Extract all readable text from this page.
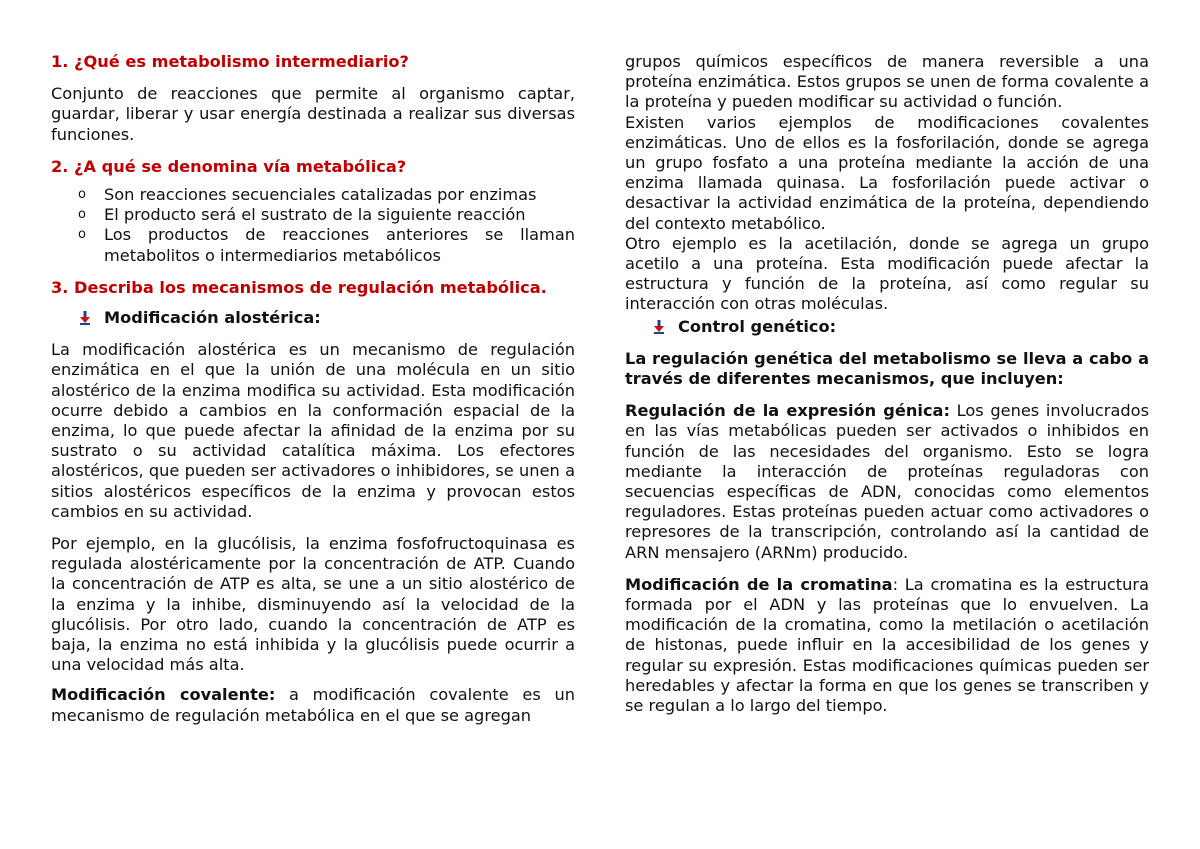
1. ¿Qué es metabolismo intermediario?

Conjunto de reacciones que permite al organismo captar, guardar, liberar y usar energía destinada a realizar sus diversas funciones.

2. ¿A qué se denomina vía metabólica?

o Son reacciones secuenciales catalizadas por enzimas
o El producto será el sustrato de la siguiente reacción
o Los productos de reacciones anteriores se llaman metabolitos o intermediarios metabólicos

3. Describa los mecanismos de regulación metabólica.

Modificación alostérica:

La modificación alostérica es un mecanismo de regulación enzimática en el que la unión de una molécula en un sitio alostérico de la enzima modifica su actividad. Esta modificación ocurre debido a cambios en la conformación espacial de la enzima, lo que puede afectar la afinidad de la enzima por su sustrato o su actividad catalítica máxima. Los efectores alostéricos, que pueden ser activadores o inhibidores, se unen a sitios alostéricos específicos de la enzima y provocan estos cambios en su actividad.

Por ejemplo, en la glucólisis, la enzima fosfofructoquinasa es regulada alostéricamente por la concentración de ATP. Cuando la concentración de ATP es alta, se une a un sitio alostérico de la enzima y la inhibe, disminuyendo así la velocidad de la glucólisis. Por otro lado, cuando la concentración de ATP es baja, la enzima no está inhibida y la glucólisis puede ocurrir a una velocidad más alta.

Modificación covalente: a modificación covalente es un mecanismo de regulación metabólica en el que se agregan

grupos químicos específicos de manera reversible a una proteína enzimática. Estos grupos se unen de forma covalente a la proteína y pueden modificar su actividad o función.

Existen varios ejemplos de modificaciones covalentes enzimáticas. Uno de ellos es la fosforilación, donde se agrega un grupo fosfato a una proteína mediante la acción de una enzima llamada quinasa. La fosforilación puede activar o desactivar la actividad enzimática de la proteína, dependiendo del contexto metabólico.

Otro ejemplo es la acetilación, donde se agrega un grupo acetilo a una proteína. Esta modificación puede afectar la estructura y función de la proteína, así como regular su interacción con otras moléculas.

Control genético:

La regulación genética del metabolismo se lleva a cabo a través de diferentes mecanismos, que incluyen:

Regulación de la expresión génica: Los genes involucrados en las vías metabólicas pueden ser activados o inhibidos en función de las necesidades del organismo. Esto se logra mediante la interacción de proteínas reguladoras con secuencias específicas de ADN, conocidas como elementos reguladores. Estas proteínas pueden actuar como activadores o represores de la transcripción, controlando así la cantidad de ARN mensajero (ARNm) producido.

Modificación de la cromatina: La cromatina es la estructura formada por el ADN y las proteínas que lo envuelven. La modificación de la cromatina, como la metilación o acetilación de histonas, puede influir en la accesibilidad de los genes y regular su expresión. Estas modificaciones químicas pueden ser heredables y afectar la forma en que los genes se transcriben y se regulan a lo largo del tiempo.
